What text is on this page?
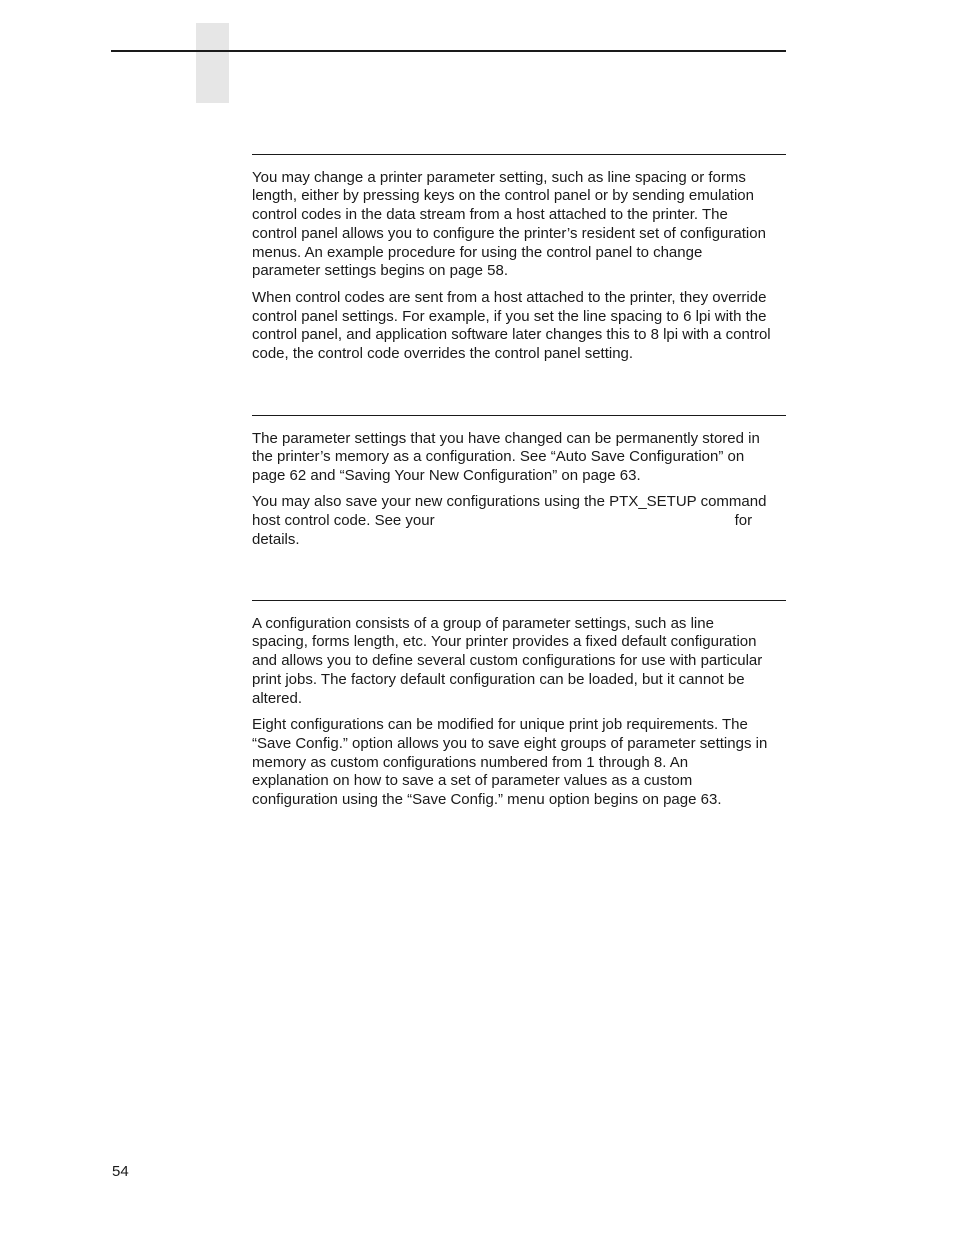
You may change a printer parameter setting, such as line spacing or forms
length, either by pressing keys on the control panel or by sending emulation
control codes in the data stream from a host attached to the printer. The
control panel allows you to configure the printer’s resident set of configuration
menus. An example procedure for using the control panel to change
parameter settings begins on page 58.

When control codes are sent from a host attached to the printer, they override
control panel settings. For example, if you set the line spacing to 6 lpi with the
control panel, and application software later changes this to 8 lpi with a control
code, the control code overrides the control panel setting.

The parameter settings that you have changed can be permanently stored in
the printer’s memory as a configuration. See “Auto Save Configuration” on
page 62 and “Saving Your New Configuration” on page 63.

You may also save your new configurations using the PTX_SETUP command
host control code. See your	for
details.

A configuration consists of a group of parameter settings, such as line
spacing, forms length, etc. Your printer provides a fixed default configuration
and allows you to define several custom configurations for use with particular
print jobs. The factory default configuration can be loaded, but it cannot be
altered.

Eight configurations can be modified for unique print job requirements. The
“Save Config.” option allows you to save eight groups of parameter settings in
memory as custom configurations numbered from 1 through 8. An
explanation on how to save a set of parameter values as a custom
configuration using the “Save Config.” menu option begins on page 63.

54
